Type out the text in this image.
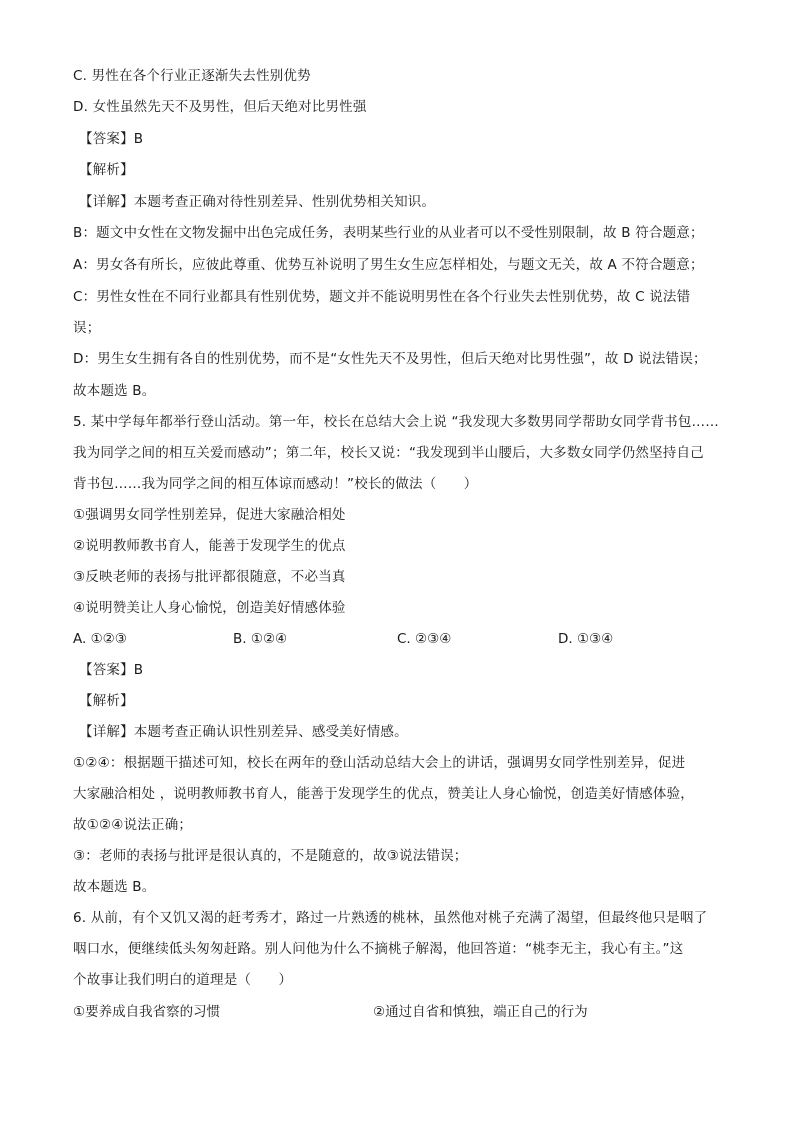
C. 男性在各个行业正逐渐失去性别优势
D. 女性虽然先天不及男性，但后天绝对比男性强
【答案】B
【解析】
【详解】本题考查正确对待性别差异、性别优势相关知识。
B：题文中女性在文物发掘中出色完成任务，表明某些行业的从业者可以不受性别限制，故 B 符合题意；
A：男女各有所长，应彼此尊重、优势互补说明了男生女生应怎样相处，与题文无关，故 A 不符合题意；
C：男性女性在不同行业都具有性别优势，题文并不能说明男性在各个行业失去性别优势，故 C 说法错
误；
D：男生女生拥有各自的性别优势，而不是“女性先天不及男性，但后天绝对比男性强”，故 D 说法错误；
故本题选 B。
5. 某中学每年都举行登山活动。第一年，校长在总结大会上说 “我发现大多数男同学帮助女同学背书包……
我为同学之间的相互关爱而感动”；第二年，校长又说：“我发现到半山腰后，大多数女同学仍然坚持自己
背书包……我为同学之间的相互体谅而感动！”校长的做法（　　）
①强调男女同学性别差异，促进大家融洽相处
②说明教师教书育人，能善于发现学生的优点
③反映老师的表扬与批评都很随意，不必当真
④说明赞美让人身心愉悦，创造美好情感体验
A. ①②③	B. ①②④	C. ②③④	D. ①③④
【答案】B
【解析】
【详解】本题考查正确认识性别差异、感受美好情感。
①②④：根据题干描述可知，校长在两年的登山活动总结大会上的讲话，强调男女同学性别差异，促进
大家融洽相处 ，说明教师教书育人，能善于发现学生的优点，赞美让人身心愉悦，创造美好情感体验，
故①②④说法正确；
③：老师的表扬与批评是很认真的，不是随意的，故③说法错误；
故本题选 B。
6. 从前，有个又饥又渴的赶考秀才，路过一片熟透的桃林，虽然他对桃子充满了渴望，但最终他只是咽了
咽口水，便继续低头匆匆赶路。别人问他为什么不摘桃子解渴，他回答道：“桃李无主，我心有主。”这
个故事让我们明白的道理是（　　）
①要养成自我省察的习惯	②通过自省和慎独，端正自己的行为
